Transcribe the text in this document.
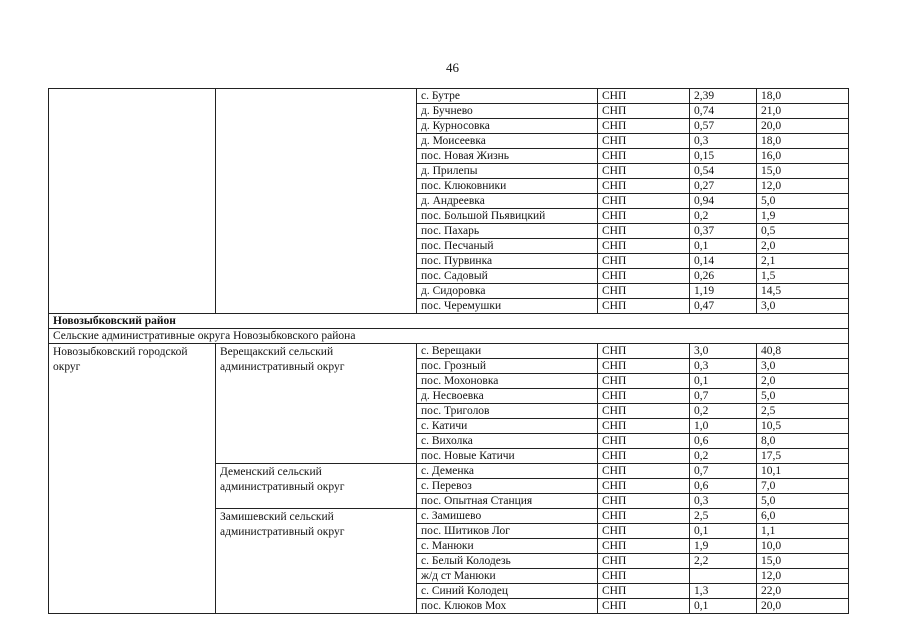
46
		с. Бутре	СНП	2,39	18,0
		д. Бучнево	СНП	0,74	21,0
		д. Курносовка	СНП	0,57	20,0
		д. Моисеевка	СНП	0,3	18,0
		пос. Новая Жизнь	СНП	0,15	16,0
		д. Прилепы	СНП	0,54	15,0
		пос. Клюковники	СНП	0,27	12,0
		д. Андреевка	СНП	0,94	5,0
		пос. Большой Пьявицкий	СНП	0,2	1,9
		пос. Пахарь	СНП	0,37	0,5
		пос. Песчаный	СНП	0,1	2,0
		пос. Пурвинка	СНП	0,14	2,1
		пос. Садовый	СНП	0,26	1,5
		д. Сидоровка	СНП	1,19	14,5
		пос. Черемушки	СНП	0,47	3,0
Новозыбковский район					
Сельские административные округа Новозыбковского района					
Новозыбковский городской округ	Верещакский сельский административный округ	с. Верещаки	СНП	3,0	40,8
		пос. Грозный	СНП	0,3	3,0
		пос. Мохоновка	СНП	0,1	2,0
		д. Несвоевка	СНП	0,7	5,0
		пос. Триголов	СНП	0,2	2,5
		с. Катичи	СНП	1,0	10,5
		с. Вихолка	СНП	0,6	8,0
		пос. Новые Катичи	СНП	0,2	17,5
	Деменский сельский административный округ	с. Деменка	СНП	0,7	10,1
		с. Перевоз	СНП	0,6	7,0
		пос. Опытная Станция	СНП	0,3	5,0
	Замишевский сельский административный округ	с. Замишево	СНП	2,5	6,0
		пос. Шитиков Лог	СНП	0,1	1,1
		с. Манюки	СНП	1,9	10,0
		с. Белый Колодезь	СНП	2,2	15,0
		ж/д ст Манюки	СНП		12,0
		с. Синий Колодец	СНП	1,3	22,0
		пос. Клюков Мох	СНП	0,1	20,0
